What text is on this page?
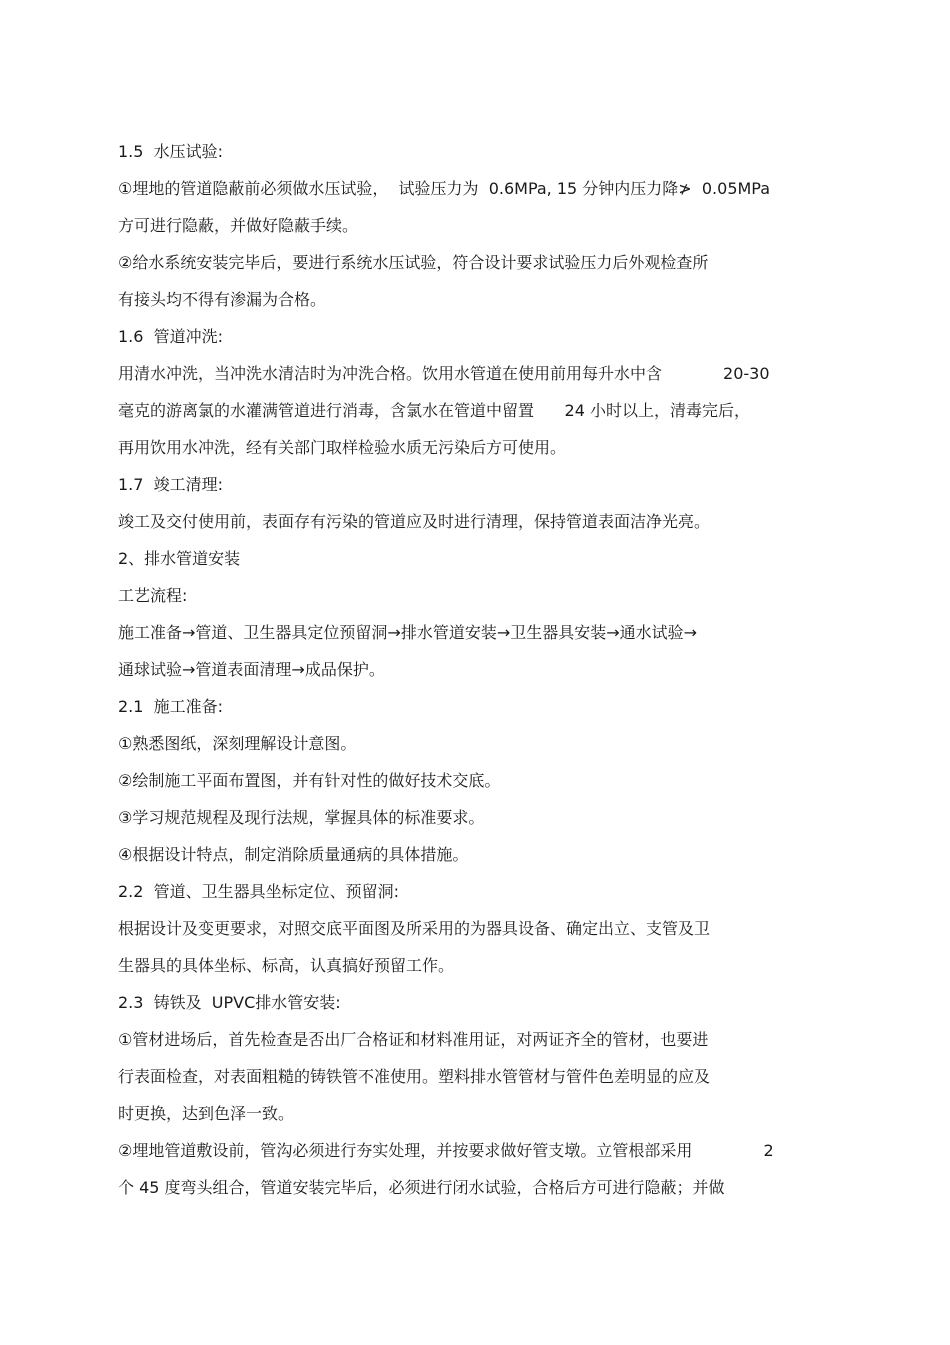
1.5  水压试验:
①埋地的管道隐蔽前必须做水压试验，  试验压力为  0.6MPa, 15 分钟内压力降≯  0.05MPa
方可进行隐蔽，并做好隐蔽手续。
②给水系统安装完毕后，要进行系统水压试验，符合设计要求试验压力后外观检查所
有接头均不得有渗漏为合格。
1.6  管道冲洗:
用清水冲洗，当冲洗水清洁时为冲洗合格。饮用水管道在使用前用每升水中含            20-30
毫克的游离氯的水灌满管道进行消毒，含氯水在管道中留置      24 小时以上，清毒完后，
再用饮用水冲洗，经有关部门取样检验水质无污染后方可使用。
1.7  竣工清理:
竣工及交付使用前，表面存有污染的管道应及时进行清理，保持管道表面洁净光亮。
2、排水管道安装
工艺流程:
施工准备→管道、卫生器具定位预留洞→排水管道安装→卫生器具安装→通水试验→
通球试验→管道表面清理→成品保护。
2.1  施工准备:
①熟悉图纸，深刻理解设计意图。
②绘制施工平面布置图，并有针对性的做好技术交底。
③学习规范规程及现行法规，掌握具体的标准要求。
④根据设计特点，制定消除质量通病的具体措施。
2.2  管道、卫生器具坐标定位、预留洞:
根据设计及变更要求，对照交底平面图及所采用的为器具设备、确定出立、支管及卫
生器具的具体坐标、标高，认真搞好预留工作。
2.3  铸铁及  UPVC排水管安装:
①管材进场后，首先检查是否出厂合格证和材料准用证，对两证齐全的管材，也要进
行表面检查，对表面粗糙的铸铁管不准使用。塑料排水管管材与管件色差明显的应及
时更换，达到色泽一致。
②埋地管道敷设前，管沟必须进行夯实处理，并按要求做好管支墩。立管根部采用              2
个 45 度弯头组合，管道安装完毕后，必须进行闭水试验，合格后方可进行隐蔽；并做
